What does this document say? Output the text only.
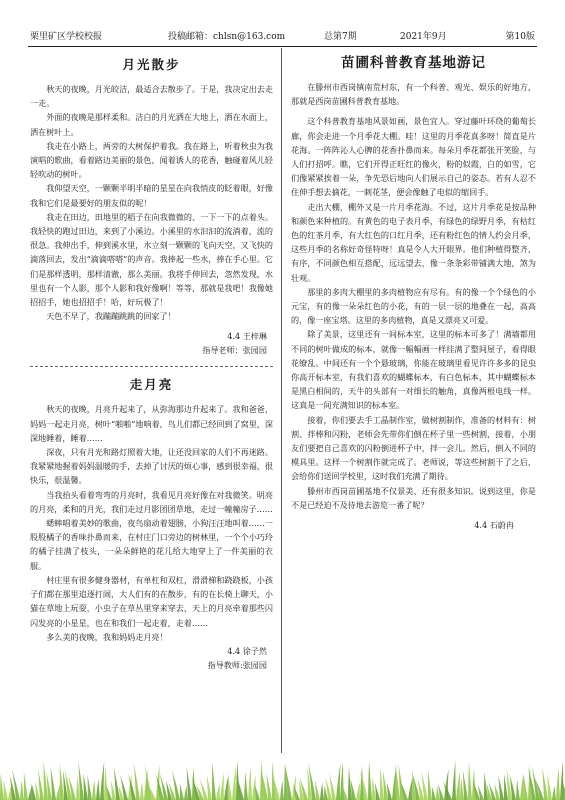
栗里矿区学校校报	投稿邮箱：chlsn@163.com	总第7期	2021年9月	第10版
月光散步

秋天的夜晚，月光皎洁，最适合去散步了。于是，我决定出去走一走。

外面的夜晚是那样柔和。洁白的月光洒在大地上，洒在水面上，洒在树叶上。

我走在小路上，两旁的大树保护着我。我在路上，听着秋虫为我演唱的歌曲，看着路边美丽的景色，闻着诱人的花香，触碰着风儿轻轻吹动的树叶。

我仰望天空，一颗颗半明半暗的星星在向我悄皮的眨着眼，好像我和它们是最要好的朋友似的呢！

我走在田边，田地里的稻子在向我微微的、一下一下的点着头。我轻快的跑过田边，来到了小溪边。小溪里的水汩汩的流淌着，流的很急。我伸出手，伸到溪水里，水立刻一颗颗的飞向天空，又飞快的滴落回去，发出“滴滴嗒嗒”的声音。我捧起一些水，捧在手心里。它们是那样透明，那样清澈，那么美丽。我将手伸回去，忽然发现，水里也有一个人影，那个人影和我好像啊！等等，那就是我吧！我像她招招手，她也招招手！哈，好玩极了！

天色不早了，我蹦蹦跳跳的回家了！

4.4 王梓琳
指导老师：张园园
走月亮

秋天的夜晚，月亮升起来了，从弥海那边升起来了。我和爸爸，妈妈一起走月亮，树叶“啪啪”地响着，鸟儿们都已经回到了窝里，深深地睡着，睡着……

深夜，只有月光和路灯照着大地，让还没回家的人们不再迷路。我紧紧地握着妈妈温暖的手，去掉了讨厌的烦心事，感到很幸福，很快乐，很温馨。

当我抬头看着弯弯的月亮时，我看见月亮好像在对我微笑。明亮的月亮，柔和的月光，我们走过月影团团草地，走过一幢幢房子……

蟋蟀唱着美妙的歌曲，夜鸟扇动着翅膀，小狗汪汪地叫着……一股股橘子的香味扑鼻而来，在村庄门口旁边的树林里，一个个小巧玲的橘子挂满了枝头，一朵朵鲜艳的花儿给大地穿上了一件美丽的衣服。

村庄里有很多健身器材，有单杠和双杠，滑滑梯和跷跷板，小孩子们都在那里追逐打闹，大人们有的在散步，有的在长椅上聊天，小猫在草地上玩耍，小虫子在草丛里穿来穿去，天上的月亮牵着那些闪闪发亮的小星星，也在和我们一起走着，走着……

多么美的夜晚，我和妈妈走月亮！

4.4 徐子然
指导教师:张园园
苗圃科普教育基地游记

在滕州市西岗镇南荒村东，有一个科普、观光、娱乐的好地方，那就是西岗苗圃科普教育基地。

这个科普教育基地风景如画，景色宜人。穿过藤叶环绕的葡萄长廊，你会走进一个月季花大棚。哇！这里的月季花真多呀！简直是片花海。一阵阵沁人心脾的花香扑鼻而来。每朵月季花都张开笑脸，与人们打招呼。瞧，它们开得正旺红的像火，粉的似霞，白的如雪，它们像紧紧挨着一朵，争先恐后地向人们展示自己的姿态。若有人忍不住伸手想去摘花，一刺花茎，便会像触了电似的缩回手。

走出大棚，棚外又是一片月季花海。不过，这片月季花是按品种和颜色来种植的。有黄色的电子表月季，有绿色的绿野月季，有枯红色的红茶月季，有大红色的口红月季，还有粉红色的情人约会月季，这些月季的名称好奇怪特呀！真是令人大开眼界。他们种植得整齐，有序，不同颜色相互搭配，远远望去，像一条条彩带铺满大地，煞为壮观。

那里的多肉大棚里的多肉植物应有尽有。有的像一个个绿色的小元宝，有的像一朵朵红色的小花，有的一层一层的地叠在一起，高高的，像一座宝塔。这里的多肉植物，真是又漂亮又可爱。

除了美景，这里还有一间标本室，这里的标本可多了！满墙都用不同的树叶做成的标本，就像一幅幅画一样挂满了整间屋子，看得眼花缭乱。中间还有一个个悬玻璃，你能在玻璃里看见许许多多的昆虫你高开标本室，有我们喜欢的蝴蝶标本，有白色标本，其中蝴蝶标本是黑白相间的，天牛的头部有一对细长的触角，真像两根电线一样。这真是一间充满知识的标本室。

接着，你们要去手工晶制作室，做树割制作，准备的材料有：树割、拌棒和闪粉，老师会先带你们倒在杯子里一些树割，接着，小朋友们要把自己喜欢的闪粉倒进杯子中，拌一会儿。然后，倒入不同的模具里。这样一个树割作就完成了。老师说，等这些树割干了之后，会给你们送回学校里，这时我们充满了期待。

滕州市西岗苗圃基地不仅景美、还有很多知识。说到这里，你是不是已经迫不及待地去游览一番了呢？

4.4 石蔚冉
